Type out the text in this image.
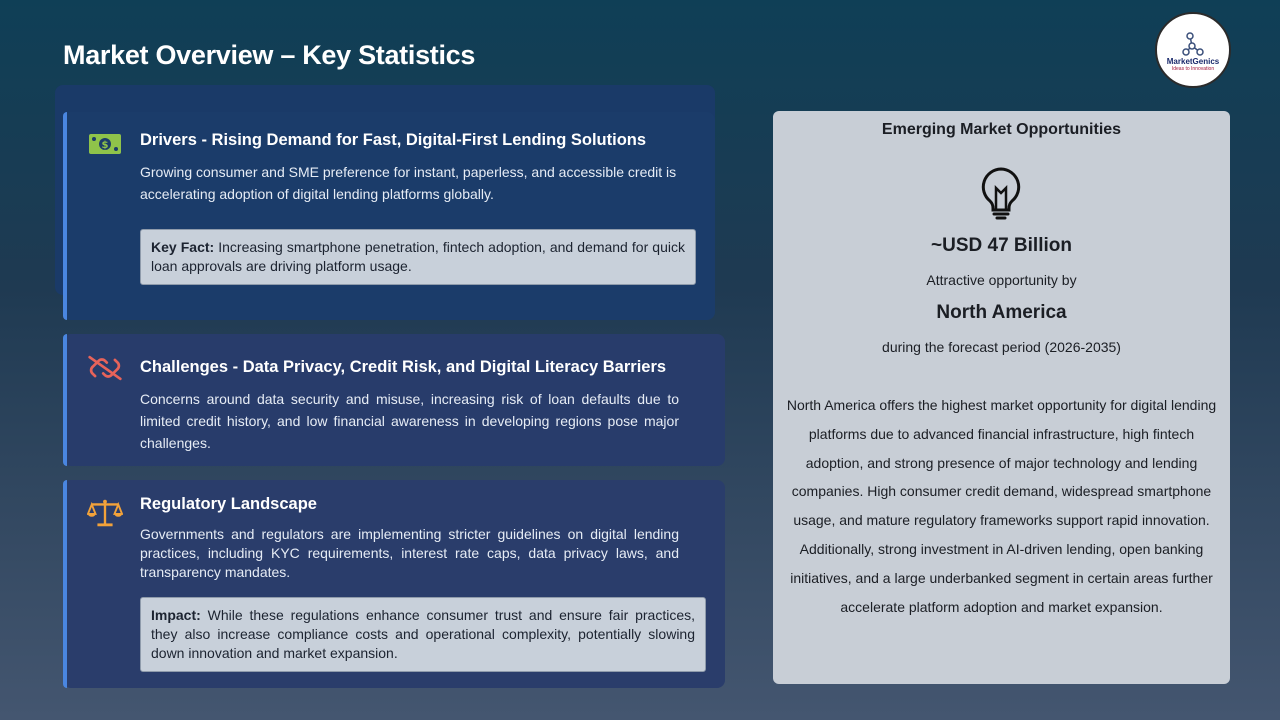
Market Overview – Key Statistics	MarketGenics
Ideas to Innovation
$ Drivers - Rising Demand for Fast, Digital-First Lending Solutions
Growing consumer and SME preference for instant, paperless, and accessible credit is accelerating adoption of digital lending platforms globally.
Key Fact: Increasing smartphone penetration, fintech adoption, and demand for quick loan approvals are driving platform usage.
Challenges - Data Privacy, Credit Risk, and Digital Literacy Barriers
Concerns around data security and misuse, increasing risk of loan defaults due to limited credit history, and low financial awareness in developing regions pose major challenges.
Regulatory Landscape
Governments and regulators are implementing stricter guidelines on digital lending practices, including KYC requirements, interest rate caps, data privacy laws, and transparency mandates.
Impact: While these regulations enhance consumer trust and ensure fair practices, they also increase compliance costs and operational complexity, potentially slowing down innovation and market expansion.
Emerging Market Opportunities
~USD 47 Billion
Attractive opportunity by
North America
during the forecast period (2026-2035)
North America offers the highest market opportunity for digital lending platforms due to advanced financial infrastructure, high fintech adoption, and strong presence of major technology and lending companies. High consumer credit demand, widespread smartphone usage, and mature regulatory frameworks support rapid innovation. Additionally, strong investment in AI-driven lending, open banking initiatives, and a large underbanked segment in certain areas further accelerate platform adoption and market expansion.
